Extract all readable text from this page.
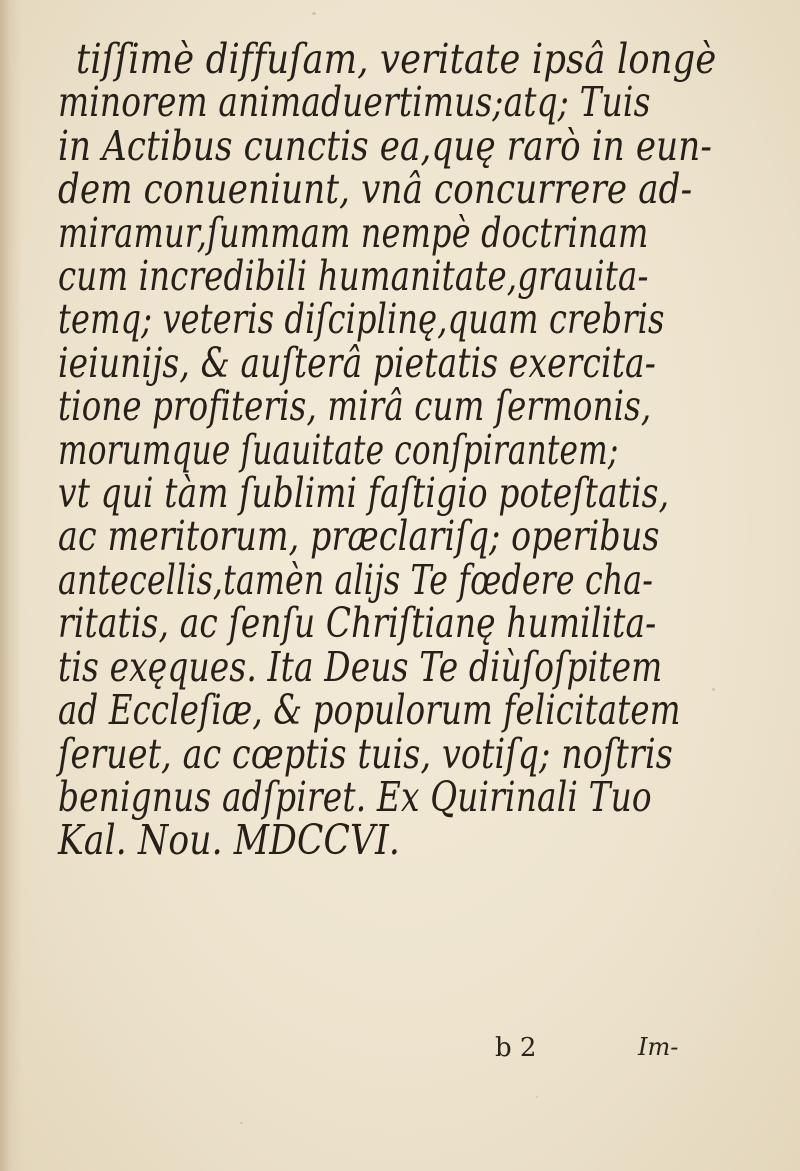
tiſſimè diffuſam, veritate ipsâ longè
minorem animaduertimus;atq; Tuis
in Actibus cunctis ea,quę rarò in eun-
dem conueniunt, vnâ concurrere ad-
miramur,ſummam nempè doctrinam
cum incredibili humanitate,grauita-
temq; veteris diſciplinę,quam crebris
ieiunijs, & auſterâ pietatis exercita-
tione profiteris, mirâ cum ſermonis,
morumque ſuauitate conſpirantem;
vt qui tàm ſublimi faſtigio poteſtatis,
ac meritorum, præclariſq; operibus
antecellis,tamèn alijs Te fœdere cha-
ritatis, ac ſenſu Chriſtianę humilita-
tis exęques. Ita Deus Te diùſoſpitem
ad Eccleſiæ, & populorum felicitatem
ſeruet, ac cœptis tuis, votiſq; noſtris
benignus adſpiret. Ex Quirinali Tuo
Kal. Nou. MDCCVI.
b 2	Im-
